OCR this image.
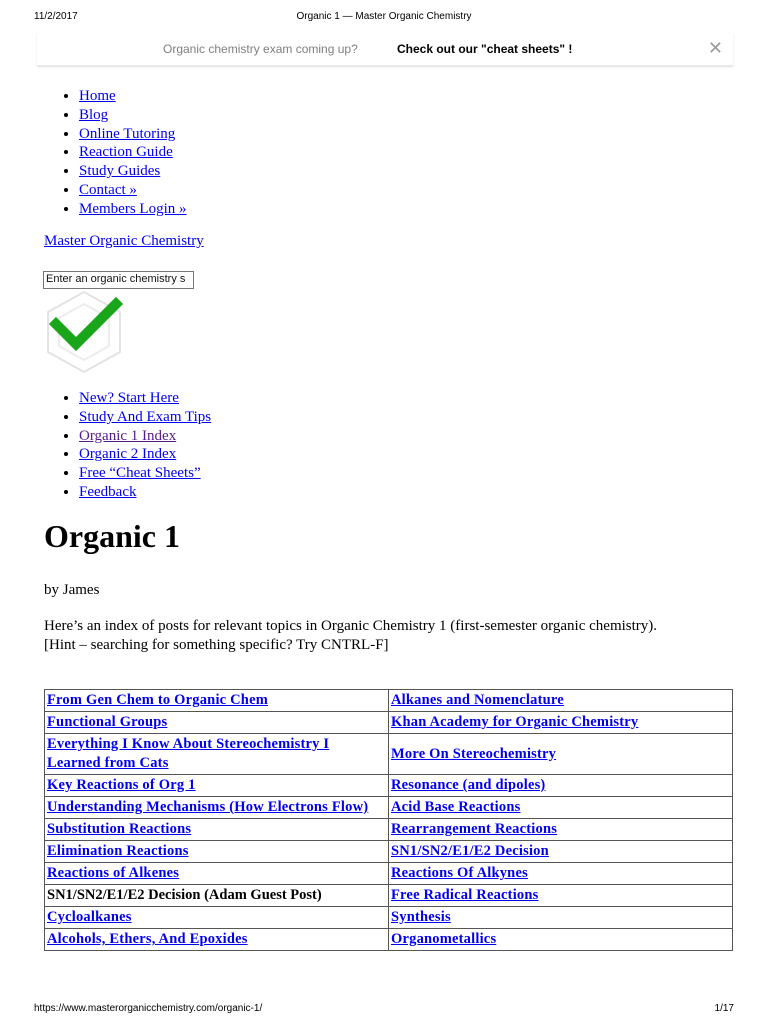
11/2/2017	Organic 1 — Master Organic Chemistry
Organic chemistry exam coming up?	Check out our "cheat sheets" !	✕
• Home
• Blog
• Online Tutoring
• Reaction Guide
• Study Guides
• Contact »
• Members Login »
Master Organic Chemistry
Enter an organic chemistry s
• New? Start Here
• Study And Exam Tips
• Organic 1 Index
• Organic 2 Index
• Free “Cheat Sheets”
• Feedback
Organic 1
by James
Here’s an index of posts for relevant topics in Organic Chemistry 1 (first-semester organic chemistry).
[Hint – searching for something specific? Try CNTRL-F]
From Gen Chem to Organic Chem	Alkanes and Nomenclature
Functional Groups	Khan Academy for Organic Chemistry
Everything I Know About Stereochemistry I Learned from Cats	More On Stereochemistry
Key Reactions of Org 1	Resonance (and dipoles)
Understanding Mechanisms (How Electrons Flow)	Acid Base Reactions
Substitution Reactions	Rearrangement Reactions
Elimination Reactions	SN1/SN2/E1/E2 Decision
Reactions of Alkenes	Reactions Of Alkynes
SN1/SN2/E1/E2 Decision (Adam Guest Post)	Free Radical Reactions
Cycloalkanes	Synthesis
Alcohols, Ethers, And Epoxides	Organometallics
https://www.masterorganicchemistry.com/organic-1/	1/17
